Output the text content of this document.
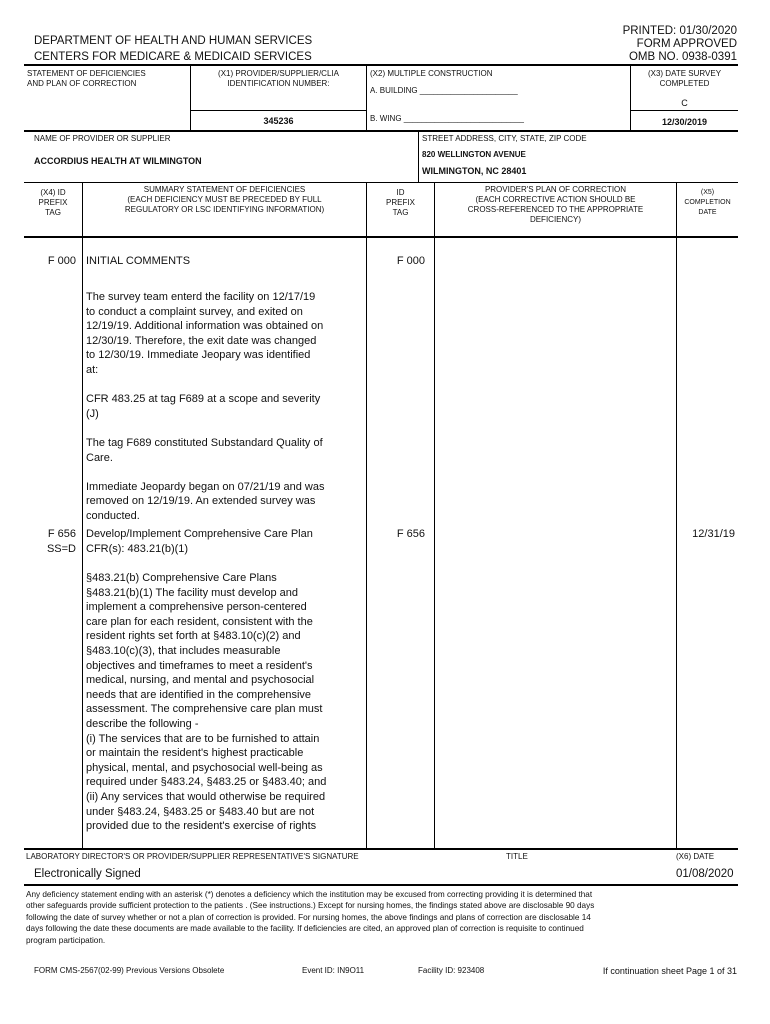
DEPARTMENT OF HEALTH AND HUMAN SERVICES
CENTERS FOR MEDICARE & MEDICAID SERVICES
PRINTED: 01/30/2020
FORM APPROVED
OMB NO. 0938-0391
STATEMENT OF DEFICIENCIES
AND PLAN OF CORRECTION
(X1) PROVIDER/SUPPLIER/CLIA
IDENTIFICATION NUMBER:
345236
(X2) MULTIPLE CONSTRUCTION
A. BUILDING ______________________
B. WING ___________________________
(X3) DATE SURVEY
COMPLETED
C
12/30/2019
NAME OF PROVIDER OR SUPPLIER
ACCORDIUS HEALTH AT WILMINGTON
STREET ADDRESS, CITY, STATE, ZIP CODE
820 WELLINGTON AVENUE
WILMINGTON, NC 28401
(X4) ID
PREFIX
TAG
SUMMARY STATEMENT OF DEFICIENCIES
(EACH DEFICIENCY MUST BE PRECEDED BY FULL
REGULATORY OR LSC IDENTIFYING INFORMATION)
ID
PREFIX
TAG
PROVIDER'S PLAN OF CORRECTION
(EACH CORRECTIVE ACTION SHOULD BE
CROSS-REFERENCED TO THE APPROPRIATE
DEFICIENCY)
(X5)
COMPLETION
DATE
F 000 INITIAL COMMENTS	F 000
The survey team enterd the facility on 12/17/19
to conduct a complaint survey, and exited on
12/19/19. Additional information was obtained on
12/30/19. Therefore, the exit date was changed
to 12/30/19. Immediate Jeopary was identified
at:

CFR 483.25 at tag F689 at a scope and severity
(J)

The tag F689 constituted Substandard Quality of
Care.

Immediate Jeopardy began on 07/21/19 and was
removed on 12/19/19. An extended survey was
conducted.
F 656
SS=D
Develop/Implement Comprehensive Care Plan
CFR(s): 483.21(b)(1)
F 656	12/31/19
§483.21(b) Comprehensive Care Plans
§483.21(b)(1) The facility must develop and
implement a comprehensive person-centered
care plan for each resident, consistent with the
resident rights set forth at §483.10(c)(2) and
§483.10(c)(3), that includes measurable
objectives and timeframes to meet a resident's
medical, nursing, and mental and psychosocial
needs that are identified in the comprehensive
assessment. The comprehensive care plan must
describe the following -
(i) The services that are to be furnished to attain
or maintain the resident's highest practicable
physical, mental, and psychosocial well-being as
required under §483.24, §483.25 or §483.40; and
(ii) Any services that would otherwise be required
under §483.24, §483.25 or §483.40 but are not
provided due to the resident's exercise of rights
LABORATORY DIRECTOR'S OR PROVIDER/SUPPLIER REPRESENTATIVE'S SIGNATURE
Electronically Signed
TITLE	(X6) DATE
01/08/2020
Any deficiency statement ending with an asterisk (*) denotes a deficiency which the institution may be excused from correcting providing it is determined that
other safeguards provide sufficient protection to the patients . (See instructions.) Except for nursing homes, the findings stated above are disclosable 90 days
following the date of survey whether or not a plan of correction is provided. For nursing homes, the above findings and plans of correction are disclosable 14
days following the date these documents are made available to the facility. If deficiencies are cited, an approved plan of correction is requisite to continued
program participation.
FORM CMS-2567(02-99) Previous Versions Obsolete	Event ID: IN9O11	Facility ID: 923408	If continuation sheet Page 1 of 31
